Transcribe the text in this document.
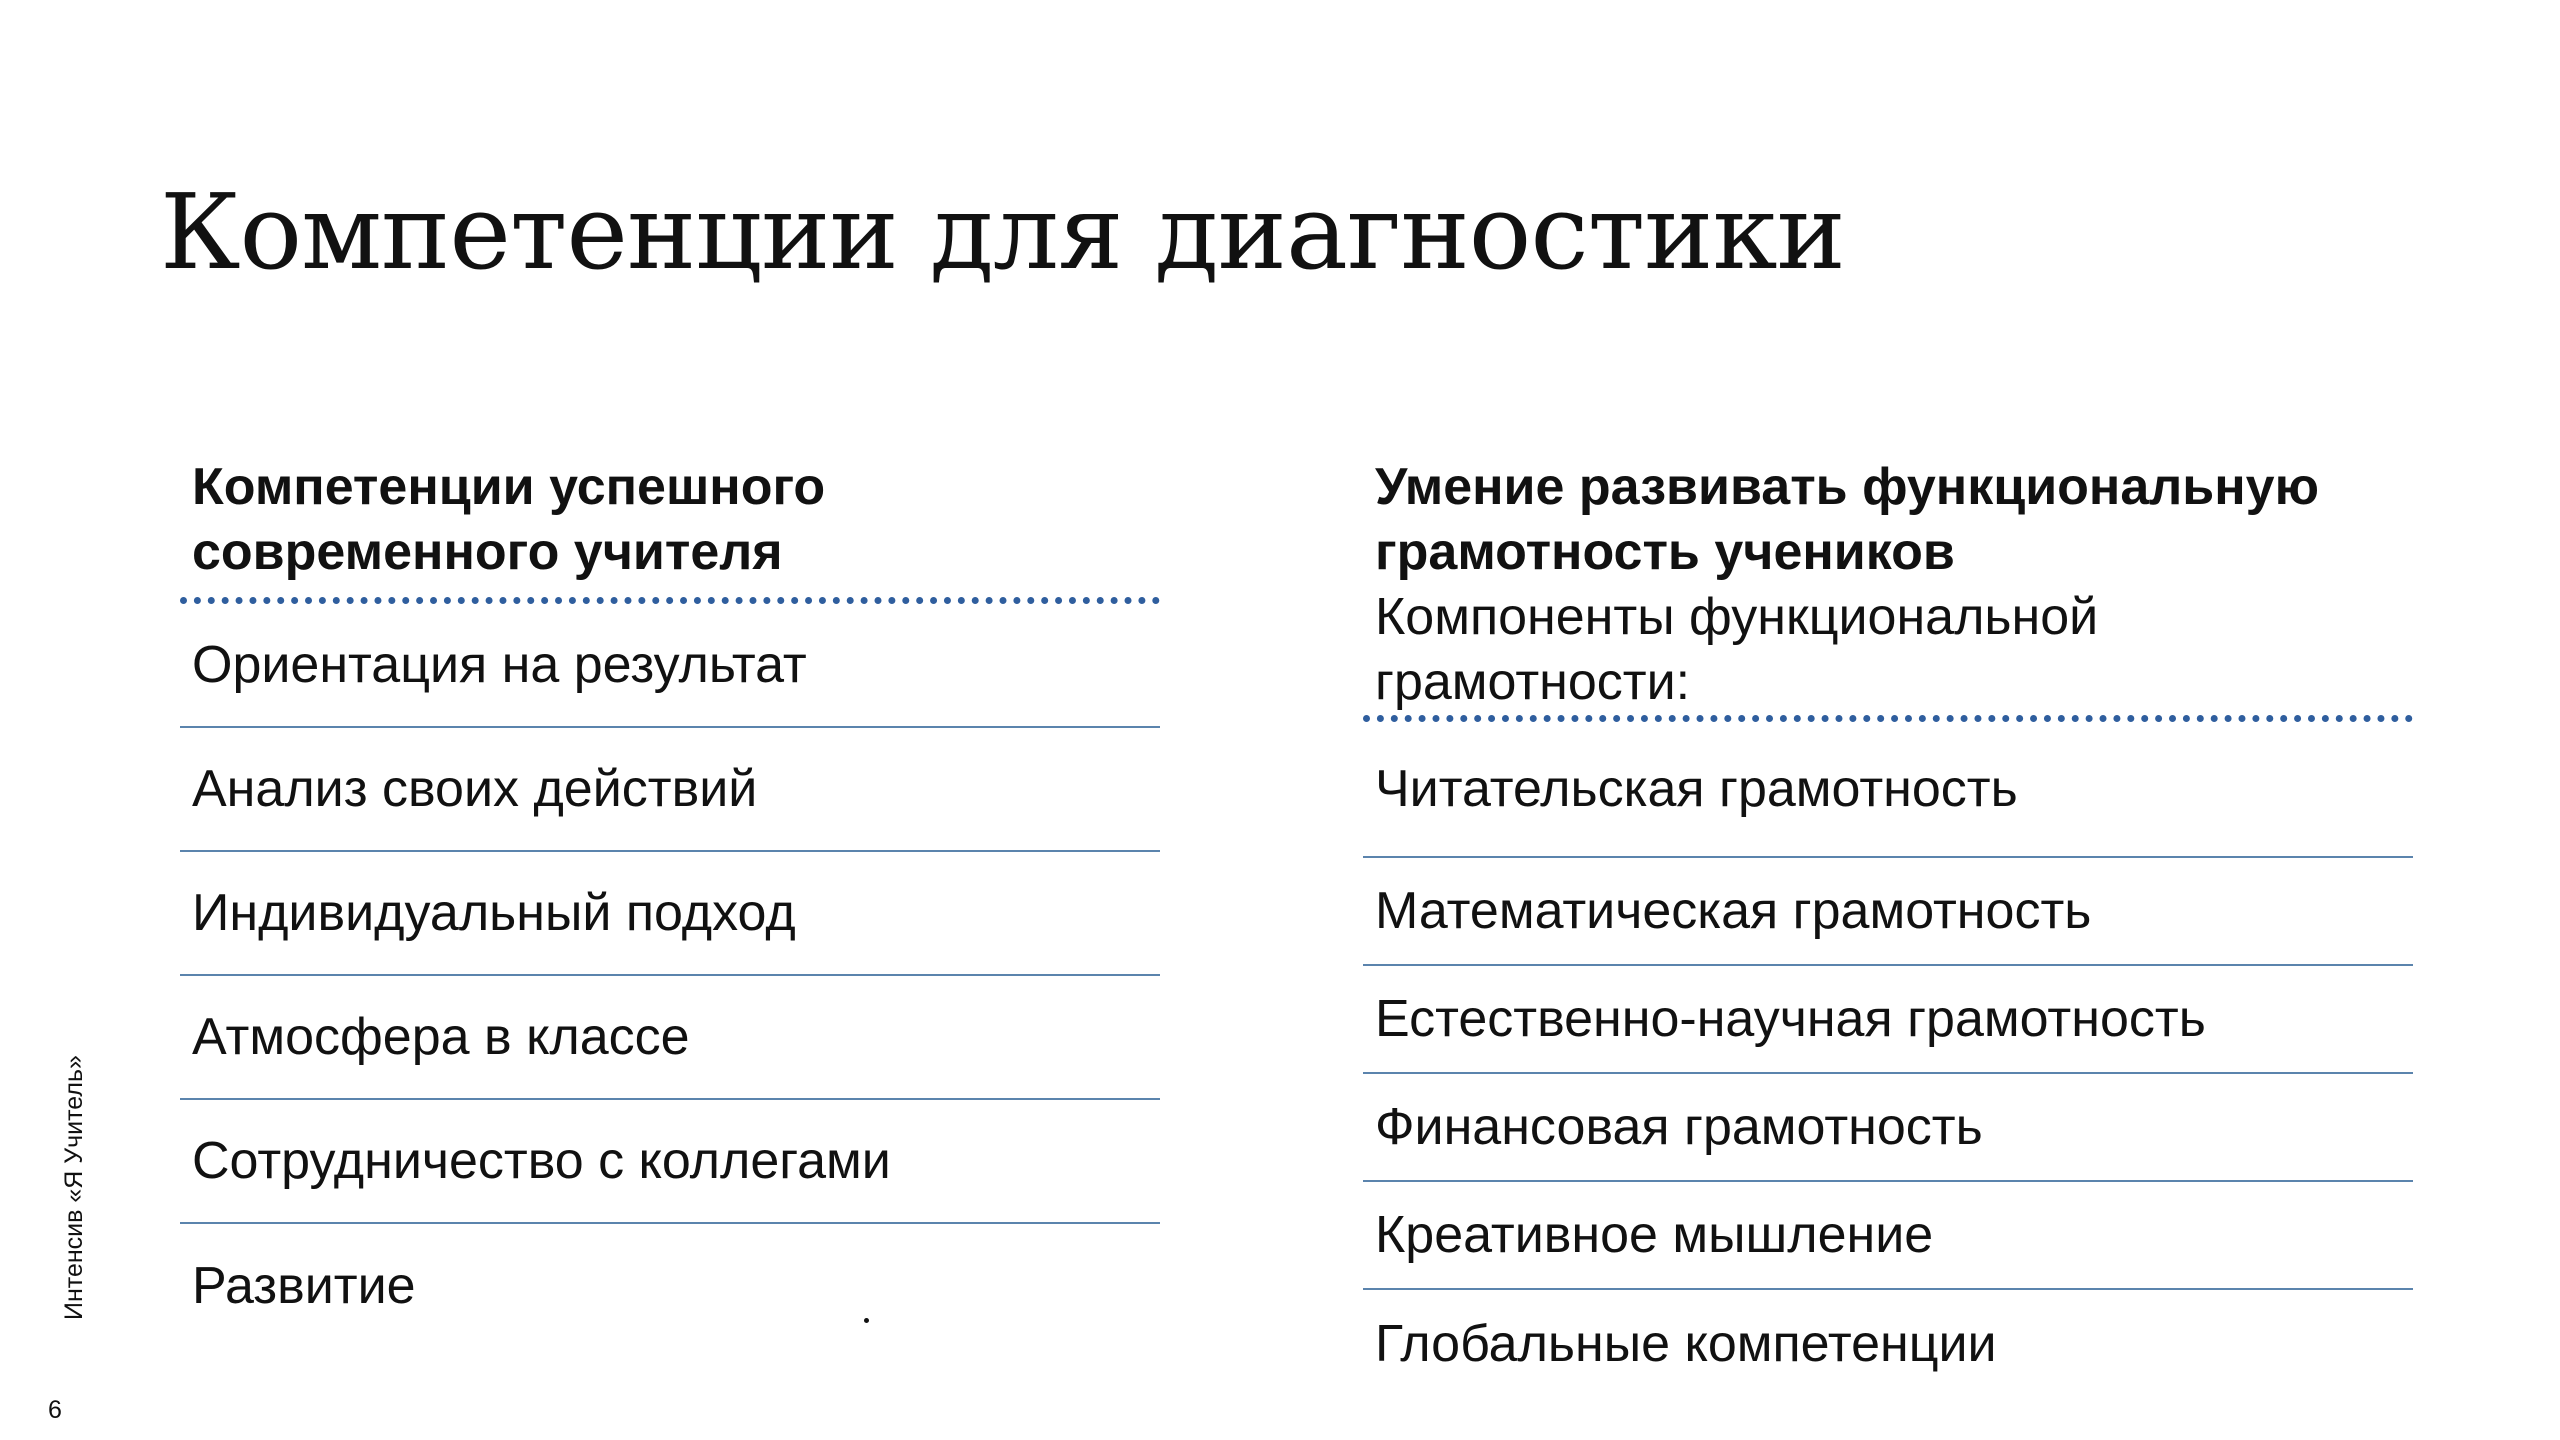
Компетенции для диагностики
Компетенции успешного
современного учителя
Ориентация на результат
Анализ своих действий
Индивидуальный подход
Атмосфера в классе
Сотрудничество с коллегами
Развитие
Умение развивать функциональную
грамотность учеников
Компоненты функциональной
грамотности:
Читательская грамотность
Математическая грамотность
Естественно-научная грамотность
Финансовая грамотность
Креативное мышление
Глобальные компетенции
Интенсив «Я Учитель»
6
